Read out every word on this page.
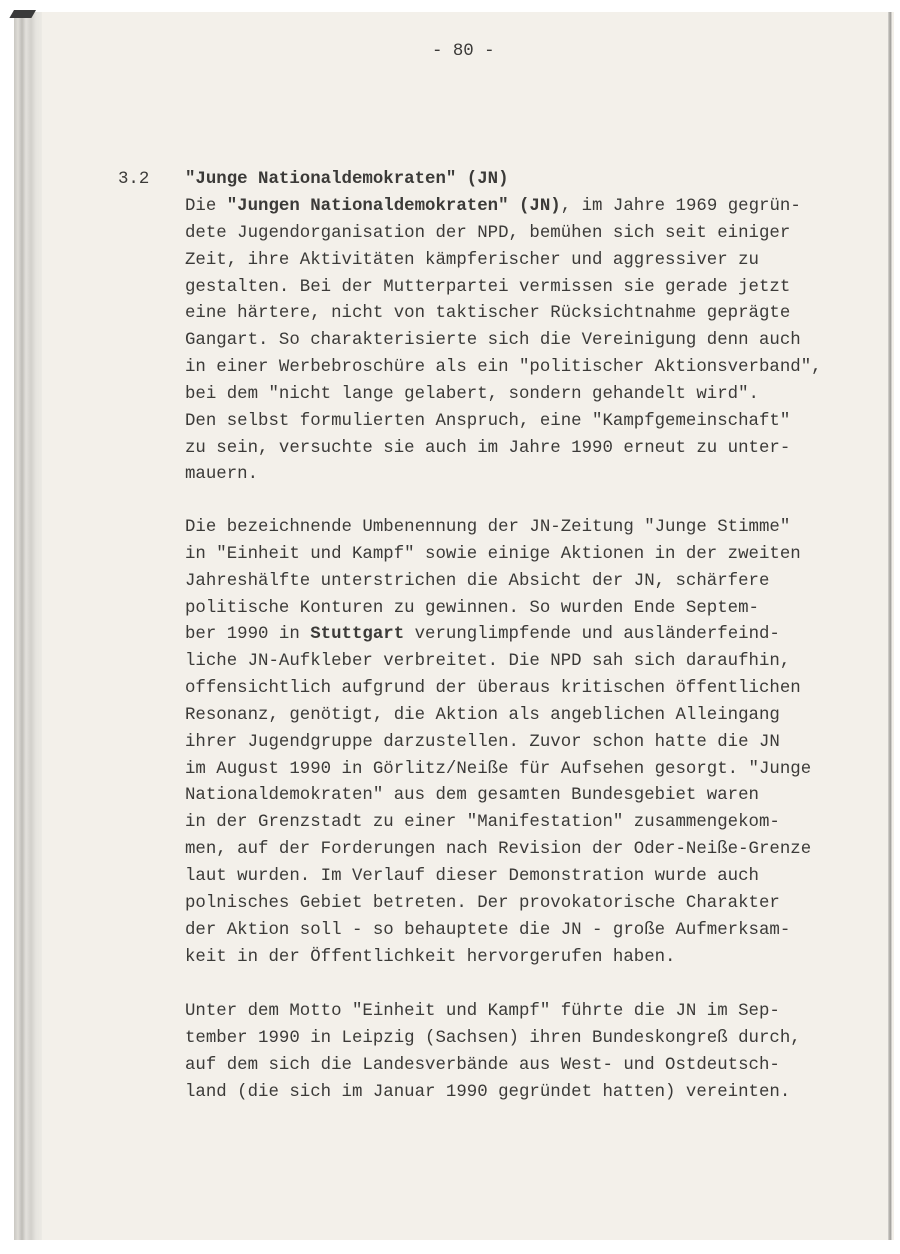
- 80 -
3.2 "Junge Nationaldemokraten" (JN)
Die "Jungen Nationaldemokraten" (JN), im Jahre 1969 gegrün-
dete Jugendorganisation der NPD, bemühen sich seit einiger
Zeit, ihre Aktivitäten kämpferischer und aggressiver zu
gestalten. Bei der Mutterpartei vermissen sie gerade jetzt
eine härtere, nicht von taktischer Rücksichtnahme geprägte
Gangart. So charakterisierte sich die Vereinigung denn auch
in einer Werbebroschüre als ein "politischer Aktionsverband",
bei dem "nicht lange gelabert, sondern gehandelt wird".
Den selbst formulierten Anspruch, eine "Kampfgemeinschaft"
zu sein, versuchte sie auch im Jahre 1990 erneut zu unter-
mauern.
Die bezeichnende Umbenennung der JN-Zeitung "Junge Stimme"
in "Einheit und Kampf" sowie einige Aktionen in der zweiten
Jahreshälfte unterstrichen die Absicht der JN, schärfere
politische Konturen zu gewinnen. So wurden Ende Septem-
ber 1990 in Stuttgart verunglimpfende und ausländerfeind-
liche JN-Aufkleber verbreitet. Die NPD sah sich daraufhin,
offensichtlich aufgrund der überaus kritischen öffentlichen
Resonanz, genötigt, die Aktion als angeblichen Alleingang
ihrer Jugendgruppe darzustellen. Zuvor schon hatte die JN
im August 1990 in Görlitz/Neiße für Aufsehen gesorgt. "Junge
Nationaldemokraten" aus dem gesamten Bundesgebiet waren
in der Grenzstadt zu einer "Manifestation" zusammengekom-
men, auf der Forderungen nach Revision der Oder-Neiße-Grenze
laut wurden. Im Verlauf dieser Demonstration wurde auch
polnisches Gebiet betreten. Der provokatorische Charakter
der Aktion soll - so behauptete die JN - große Aufmerksam-
keit in der Öffentlichkeit hervorgerufen haben.
Unter dem Motto "Einheit und Kampf" führte die JN im Sep-
tember 1990 in Leipzig (Sachsen) ihren Bundeskongreß durch,
auf dem sich die Landesverbände aus West- und Ostdeutsch-
land (die sich im Januar 1990 gegründet hatten) vereinten.
